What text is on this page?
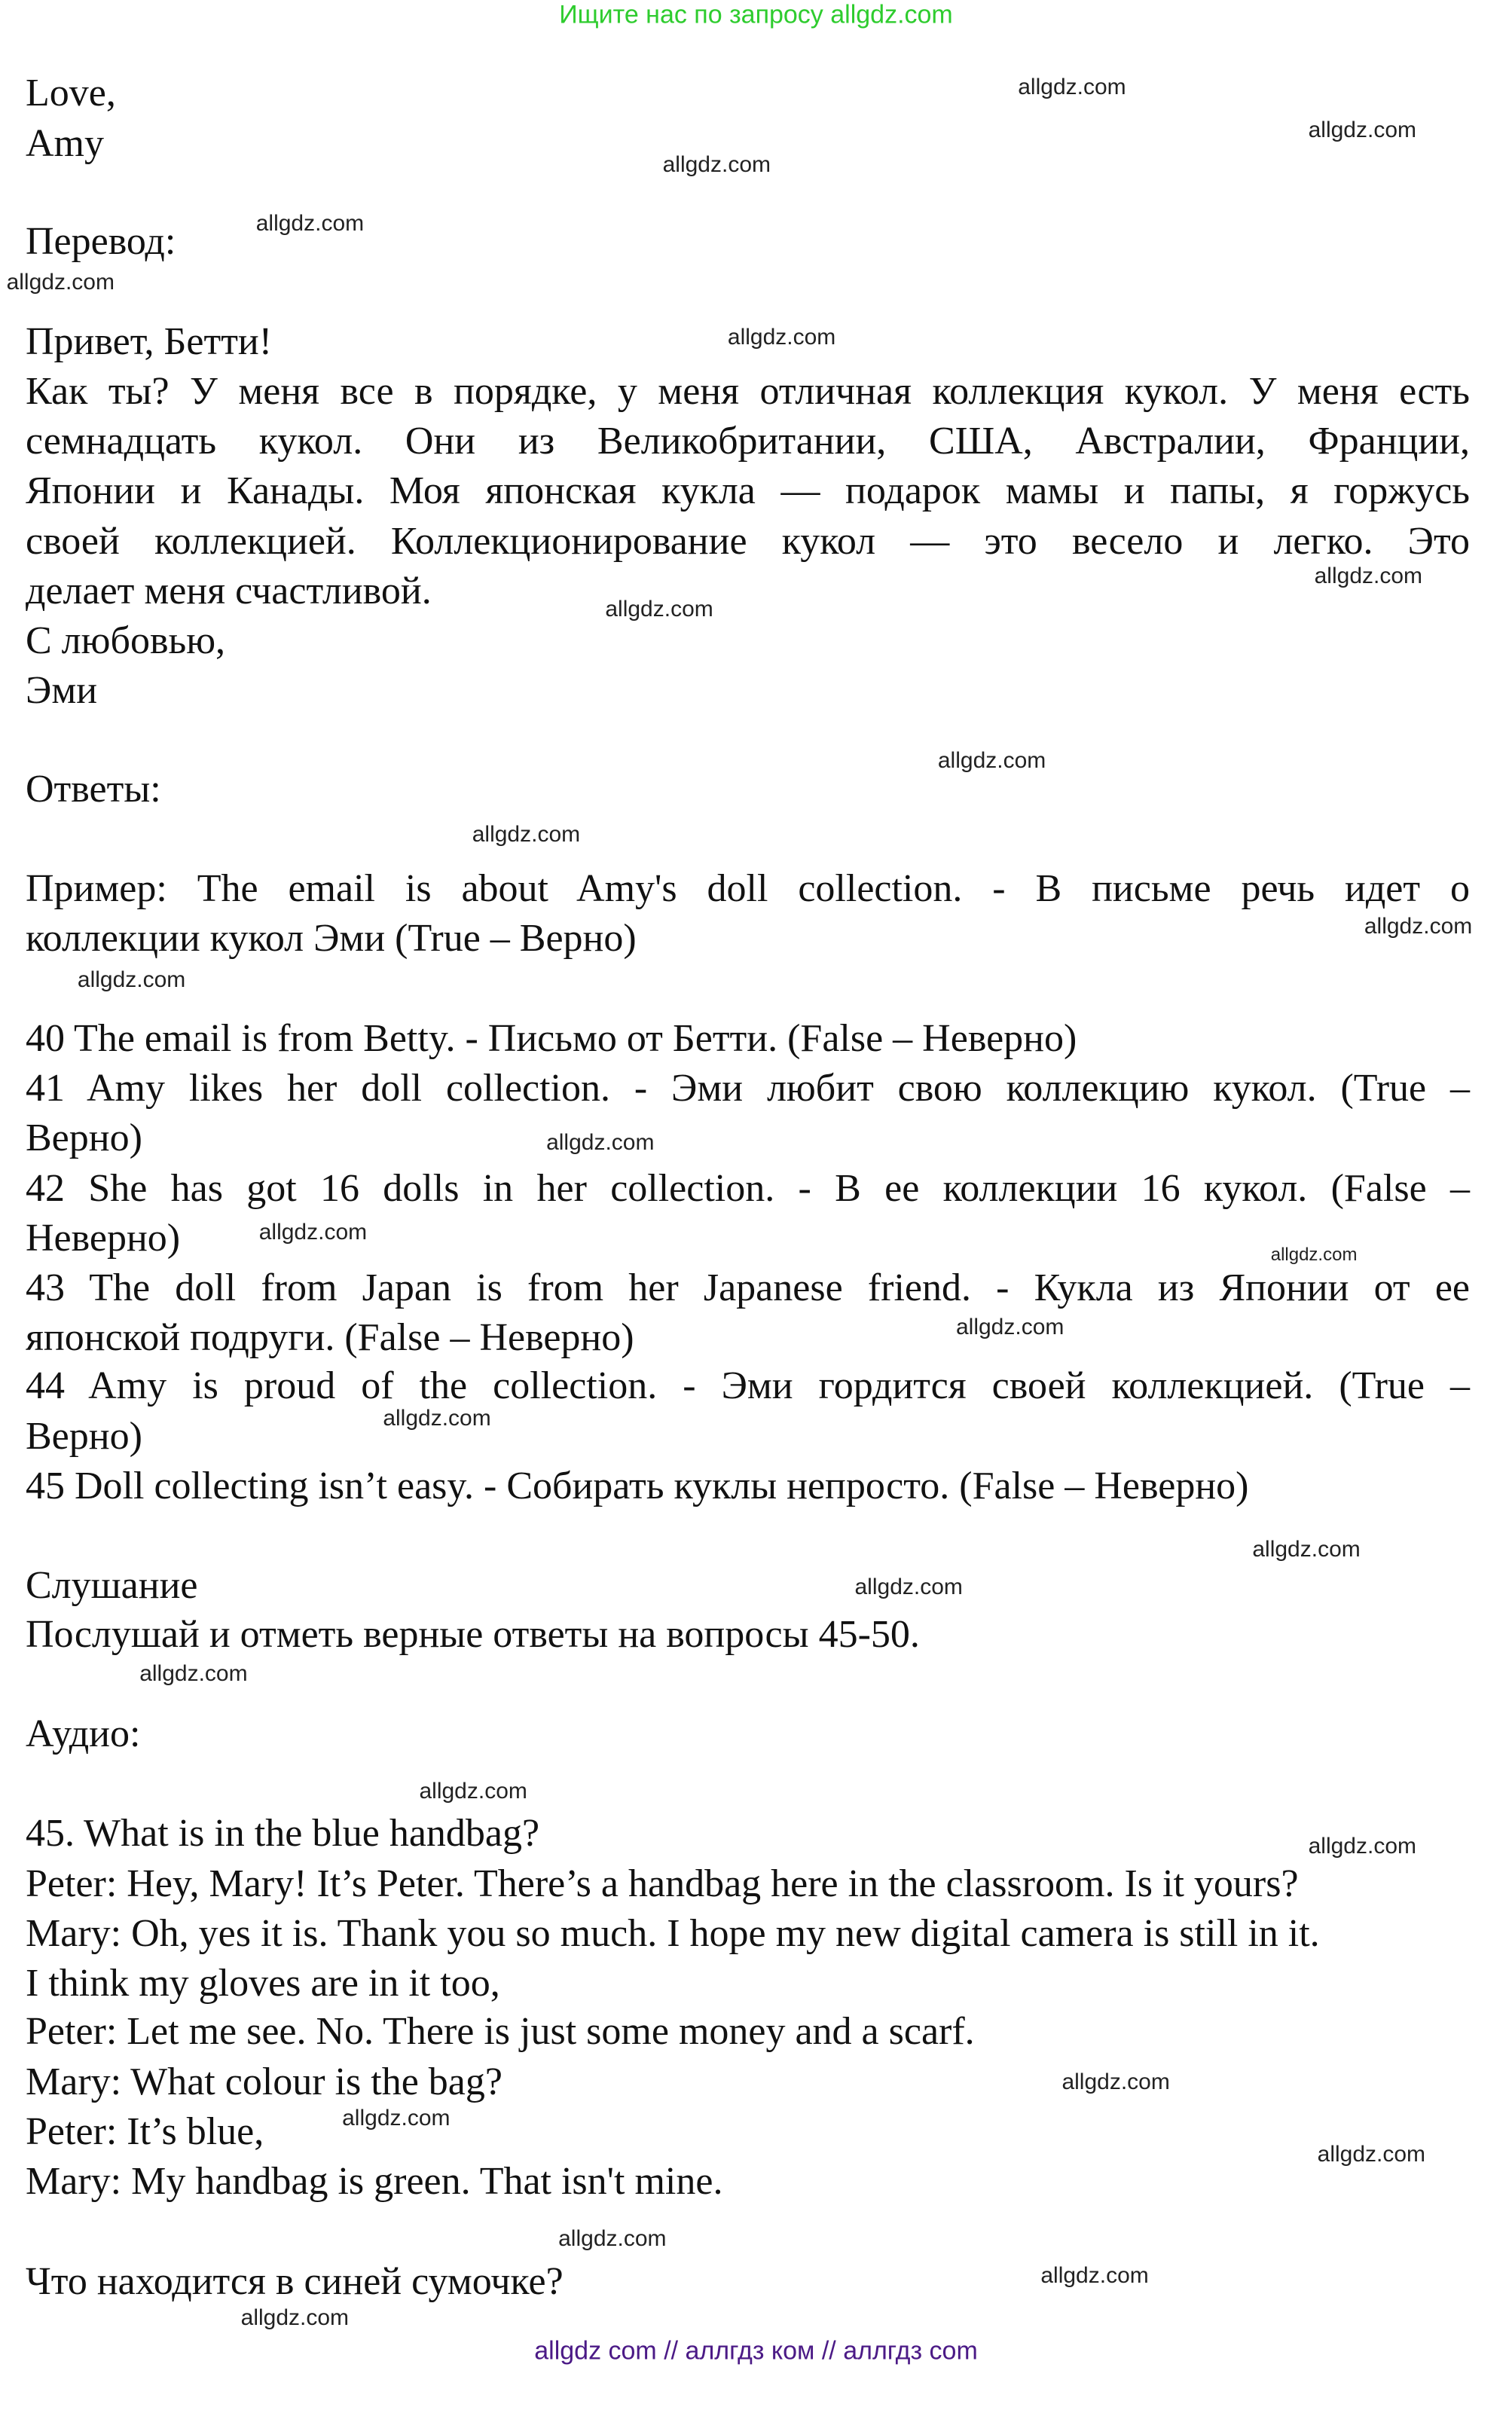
Ищите нас по запросу allgdz.com
Love,
Amy
Перевод:
Привет, Бетти!
Как ты? У меня все в порядке, у меня отличная коллекция кукол. У меня есть
семнадцать кукол. Они из Великобритании, США, Австралии, Франции,
Японии и Канады. Моя японская кукла — подарок мамы и папы, я горжусь
своей коллекцией. Коллекционирование кукол — это весело и легко. Это
делает меня счастливой.
С любовью,
Эми
Ответы:
Пример: The email is about Amy's doll collection. - В письме речь идет о
коллекции кукол Эми (True – Верно)
40 The email is from Betty. - Письмо от Бетти. (False – Неверно)
41 Amy likes her doll collection. - Эми любит свою коллекцию кукол. (True –
Верно)
42 She has got 16 dolls in her collection. - В ее коллекции 16 кукол. (False –
Неверно)
43 The doll from Japan is from her Japanese friend. - Кукла из Японии от ее
японской подруги. (False – Неверно)
44 Amy is proud of the collection. - Эми гордится своей коллекцией. (True –
Верно)
45 Doll collecting isn’t easy. - Собирать куклы непросто. (False – Неверно)
Слушание
Послушай и отметь верные ответы на вопросы 45-50.
Аудио:
45. What is in the blue handbag?
Peter: Hey, Mary! It’s Peter. There’s a handbag here in the classroom. Is it yours?
Mary: Oh, yes it is. Thank you so much. I hope my new digital camera is still in it.
I think my gloves are in it too,
Peter: Let me see. No. There is just some money and a scarf.
Mary: What colour is the bag?
Peter: It’s blue,
Mary: My handbag is green. That isn't mine.
Что находится в синей сумочке?
allgdz.com
allgdz.com
allgdz.com
allgdz.com
allgdz.com
allgdz.com
allgdz.com
allgdz.com
allgdz.com
allgdz.com
allgdz.com
allgdz.com
allgdz.com
allgdz.com
allgdz.com
allgdz.com
allgdz.com
allgdz.com
allgdz.com
allgdz.com
allgdz.com
allgdz.com
allgdz.com
allgdz.com
allgdz.com
allgdz.com
allgdz.com
allgdz.com
allgdz com // аллгдз ком // аллгдз com
